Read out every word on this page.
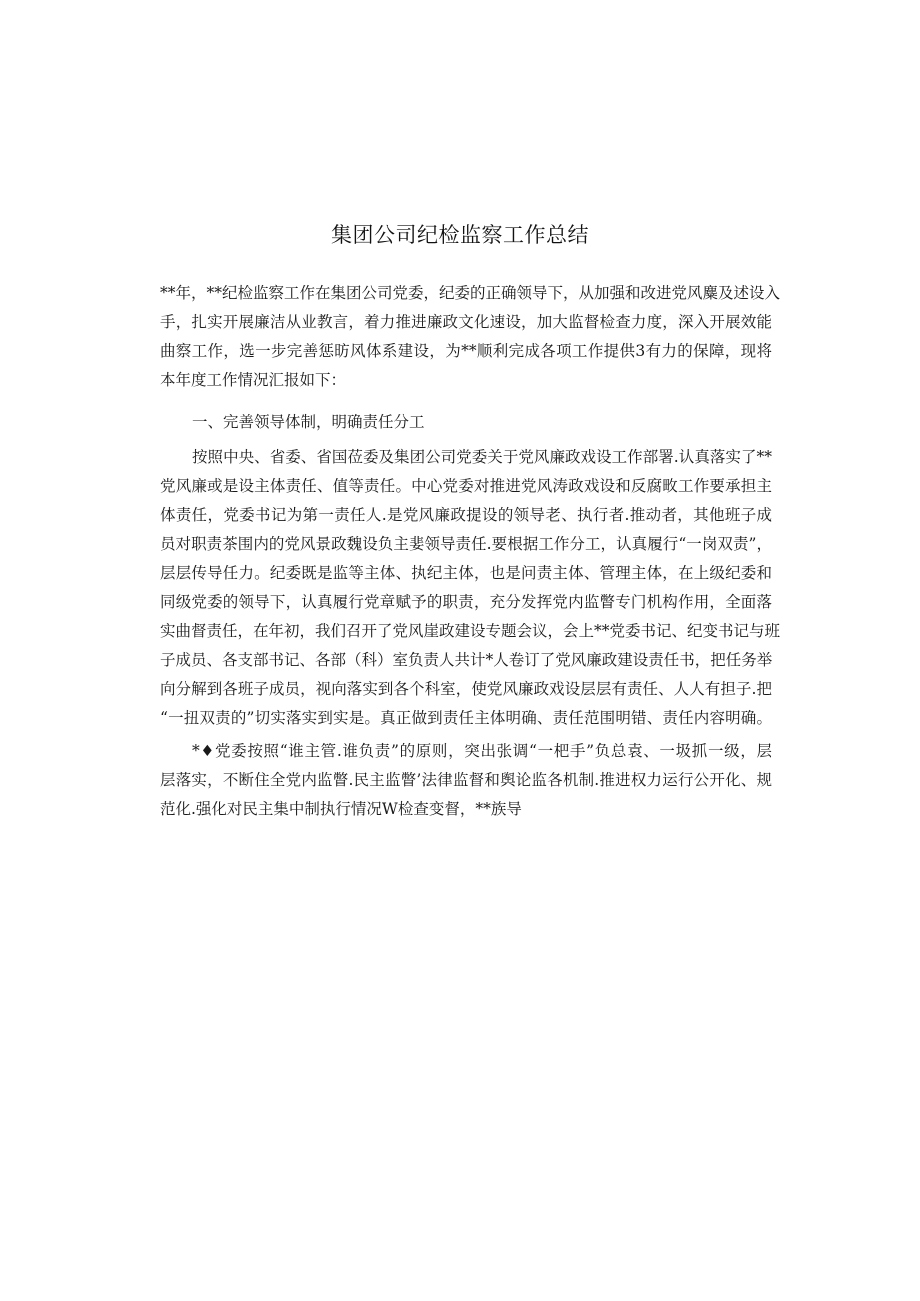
集团公司纪检监察工作总结
**年，**纪检监察工作在集团公司党委，纪委的正确领导下，从加强和改进党风麋及述设入
手，扎实开展廉洁从业教言，着力推进廉政文化速设，加大监督检查力度，深入开展效能
曲察工作，选一步完善惩昉风体系建设，为**顺利完成各项工作提供3有力的保障，现将
本年度工作情况汇报如下：
一、完善领导体制，明确责任分工
按照中央、省委、省国莅委及集团公司党委关于党风廉政戏设工作部署.认真落实了**
党风廉或是设主体责任、值等责任。中心党委对推进党风涛政戏设和反腐畋工作要承担主
体责任，党委书记为第一责任人.是党风廉政提设的领导老、执行者.推动者，其他班子成
员对职责茶围内的党风景政魏设负主婓领导责任.要根据工作分工，认真履行“一岗双责”，
层层传导任力。纪委既是监等主体、执纪主体，也是问责主体、管理主体，在上级纪委和
同级党委的领导下，认真履行党章赋予的职责，充分发挥党内监瞥专门机构作用，全面落
实曲督责任，在年初，我们召开了党风崖政建设专题会议，会上**党委书记、纪变书记与班
子成员、各支部书记、各部（科）室负责人共计*人卷订了党风廉政建设责任书，把任务举
向分解到各班子成员，视向落实到各个科室，使党风廉政戏设层层有责任、人人有担子.把
“一扭双责的”切实落实到实是。真正做到责任主体明确、责任范围明错、责任内容明确。
*♦党委按照“谁主管.谁负责”的原则，突出张调“一杷手”负总袁、一圾抓一级，层
层落实，不断住全党内监瞥.民主监瞥’法律监督和舆论监各机制.推进权力运行公开化、规
范化.强化对民主集中制执行情况W检查变督，**族导
